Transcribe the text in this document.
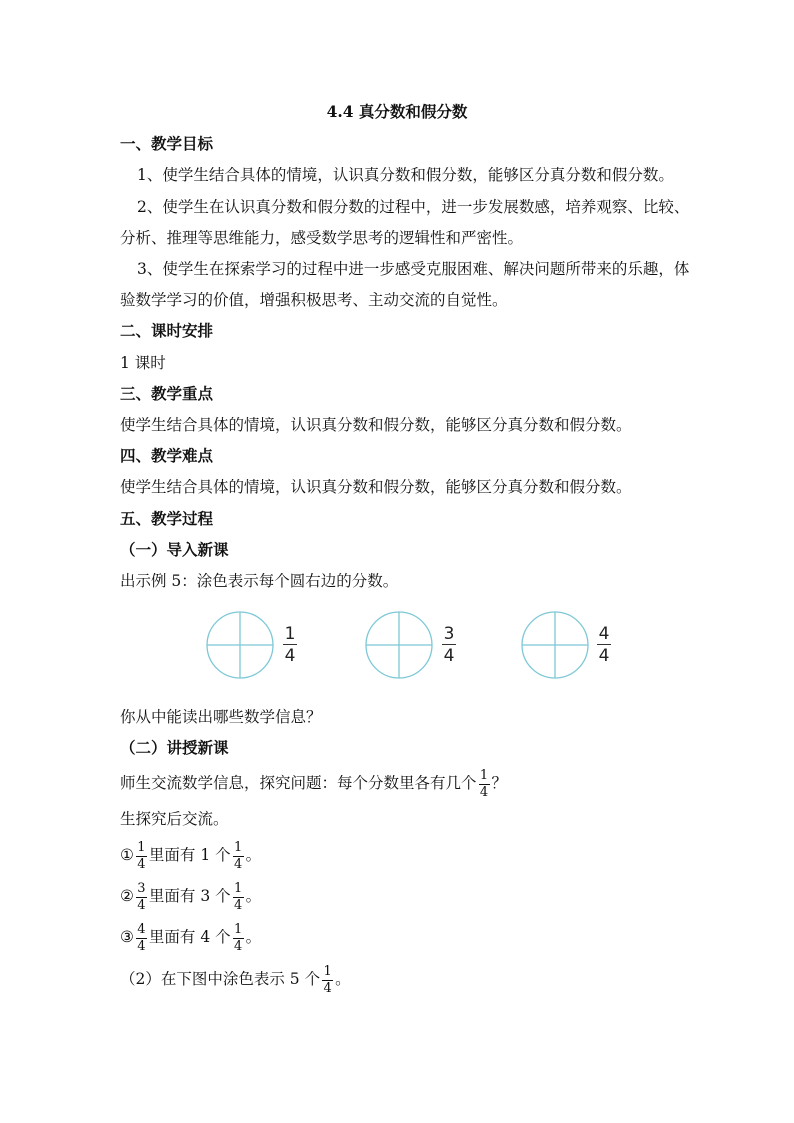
4.4 真分数和假分数
一、教学目标
1、使学生结合具体的情境，认识真分数和假分数，能够区分真分数和假分数。
2、使学生在认识真分数和假分数的过程中，进一步发展数感，培养观察、比较、
分析、推理等思维能力，感受数学思考的逻辑性和严密性。
3、使学生在探索学习的过程中进一步感受克服困难、解决问题所带来的乐趣，体
验数学学习的价值，增强积极思考、主动交流的自觉性。
二、课时安排
1 课时
三、教学重点
使学生结合具体的情境，认识真分数和假分数，能够区分真分数和假分数。
四、教学难点
使学生结合具体的情境，认识真分数和假分数，能够区分真分数和假分数。
五、教学过程
（一）导入新课
出示例 5：涂色表示每个圆右边的分数。
1
4
3
4
4
4
你从中能读出哪些数学信息？
（二）讲授新课
师生交流数学信息，探究问题：每个分数里各有几个 $\frac{1}{4}$ ？
生探究后交流。
① $\frac{1}{4}$ 里面有 1 个 $\frac{1}{4}$ 。
② $\frac{3}{4}$ 里面有 3 个 $\frac{1}{4}$ 。
③ $\frac{4}{4}$ 里面有 4 个 $\frac{1}{4}$ 。
（2）在下图中涂色表示 5 个 $\frac{1}{4}$ 。
